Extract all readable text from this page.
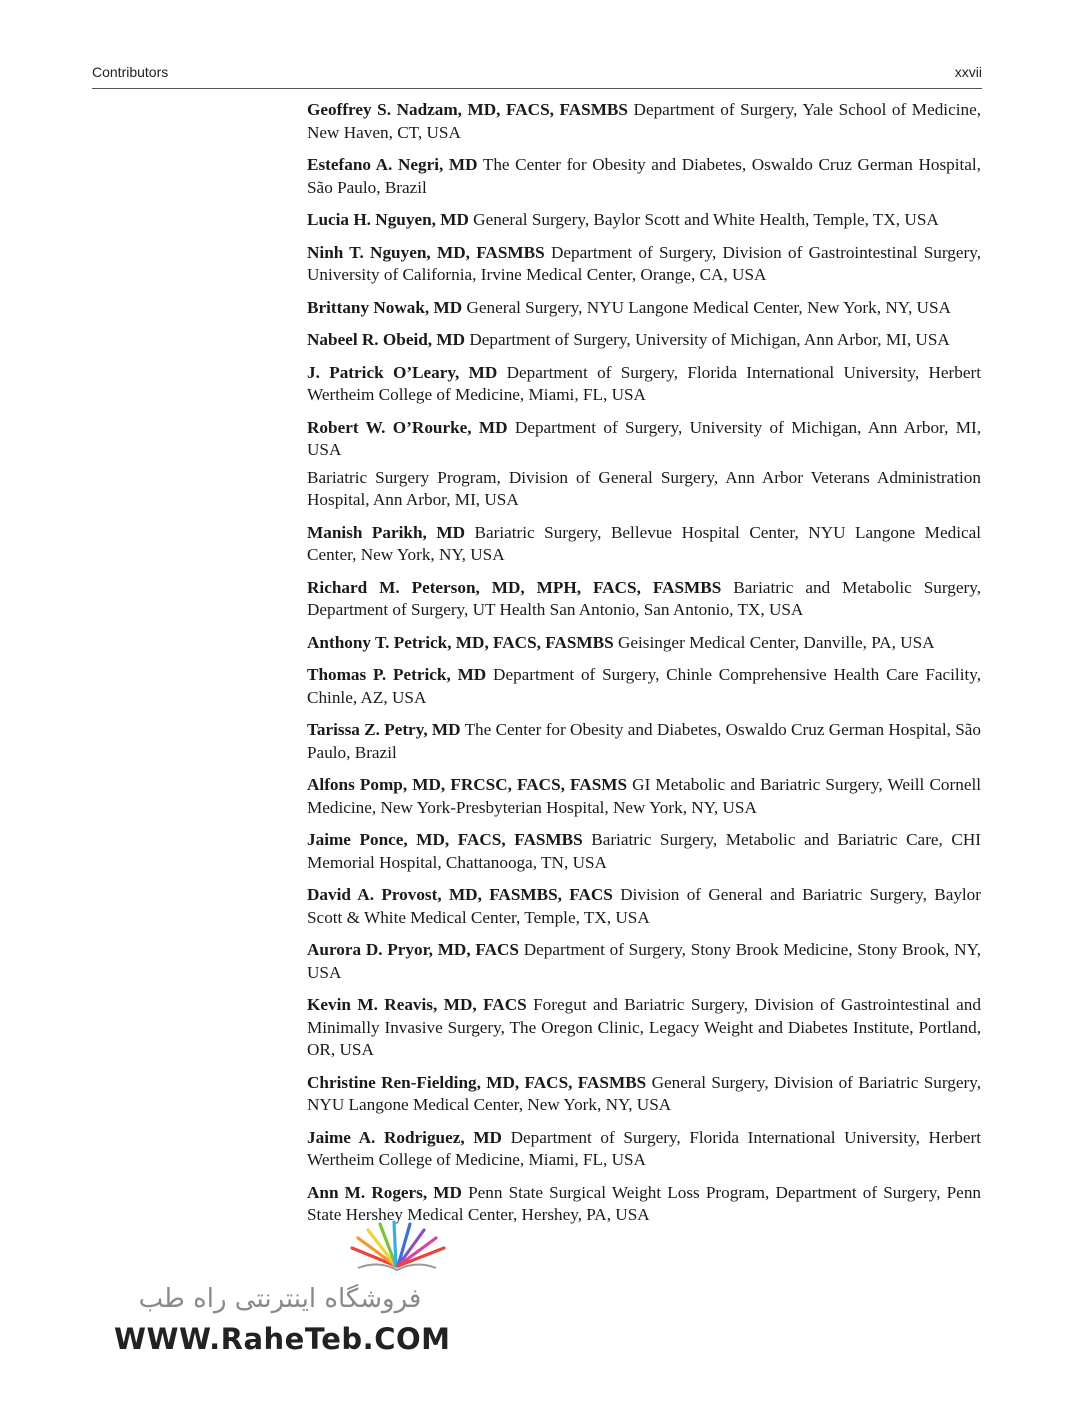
Contributors	xxvii

Geoffrey S. Nadzam, MD, FACS, FASMBS Department of Surgery, Yale School of Medicine, New Haven, CT, USA

Estefano A. Negri, MD The Center for Obesity and Diabetes, Oswaldo Cruz German Hospital, São Paulo, Brazil

Lucia H. Nguyen, MD General Surgery, Baylor Scott and White Health, Temple, TX, USA

Ninh T. Nguyen, MD, FASMBS Department of Surgery, Division of Gastrointestinal Surgery, University of California, Irvine Medical Center, Orange, CA, USA

Brittany Nowak, MD General Surgery, NYU Langone Medical Center, New York, NY, USA

Nabeel R. Obeid, MD Department of Surgery, University of Michigan, Ann Arbor, MI, USA

J. Patrick O’Leary, MD Department of Surgery, Florida International University, Herbert Wertheim College of Medicine, Miami, FL, USA

Robert W. O’Rourke, MD Department of Surgery, University of Michigan, Ann Arbor, MI, USA
Bariatric Surgery Program, Division of General Surgery, Ann Arbor Veterans Administration Hospital, Ann Arbor, MI, USA

Manish Parikh, MD Bariatric Surgery, Bellevue Hospital Center, NYU Langone Medical Center, New York, NY, USA

Richard M. Peterson, MD, MPH, FACS, FASMBS Bariatric and Metabolic Surgery, Department of Surgery, UT Health San Antonio, San Antonio, TX, USA

Anthony T. Petrick, MD, FACS, FASMBS Geisinger Medical Center, Danville, PA, USA

Thomas P. Petrick, MD Department of Surgery, Chinle Comprehensive Health Care Facility, Chinle, AZ, USA

Tarissa Z. Petry, MD The Center for Obesity and Diabetes, Oswaldo Cruz German Hospital, São Paulo, Brazil

Alfons Pomp, MD, FRCSC, FACS, FASMS GI Metabolic and Bariatric Surgery, Weill Cornell Medicine, New York-Presbyterian Hospital, New York, NY, USA

Jaime Ponce, MD, FACS, FASMBS Bariatric Surgery, Metabolic and Bariatric Care, CHI Memorial Hospital, Chattanooga, TN, USA

David A. Provost, MD, FASMBS, FACS Division of General and Bariatric Surgery, Baylor Scott & White Medical Center, Temple, TX, USA

Aurora D. Pryor, MD, FACS Department of Surgery, Stony Brook Medicine, Stony Brook, NY, USA

Kevin M. Reavis, MD, FACS Foregut and Bariatric Surgery, Division of Gastrointestinal and Minimally Invasive Surgery, The Oregon Clinic, Legacy Weight and Diabetes Institute, Portland, OR, USA

Christine Ren-Fielding, MD, FACS, FASMBS General Surgery, Division of Bariatric Surgery, NYU Langone Medical Center, New York, NY, USA

Jaime A. Rodriguez, MD Department of Surgery, Florida International University, Herbert Wertheim College of Medicine, Miami, FL, USA

Ann M. Rogers, MD Penn State Surgical Weight Loss Program, Department of Surgery, Penn State Hershey Medical Center, Hershey, PA, USA

فروشگاه اینترنتی راه طب
WWW.RaheTeb.COM
